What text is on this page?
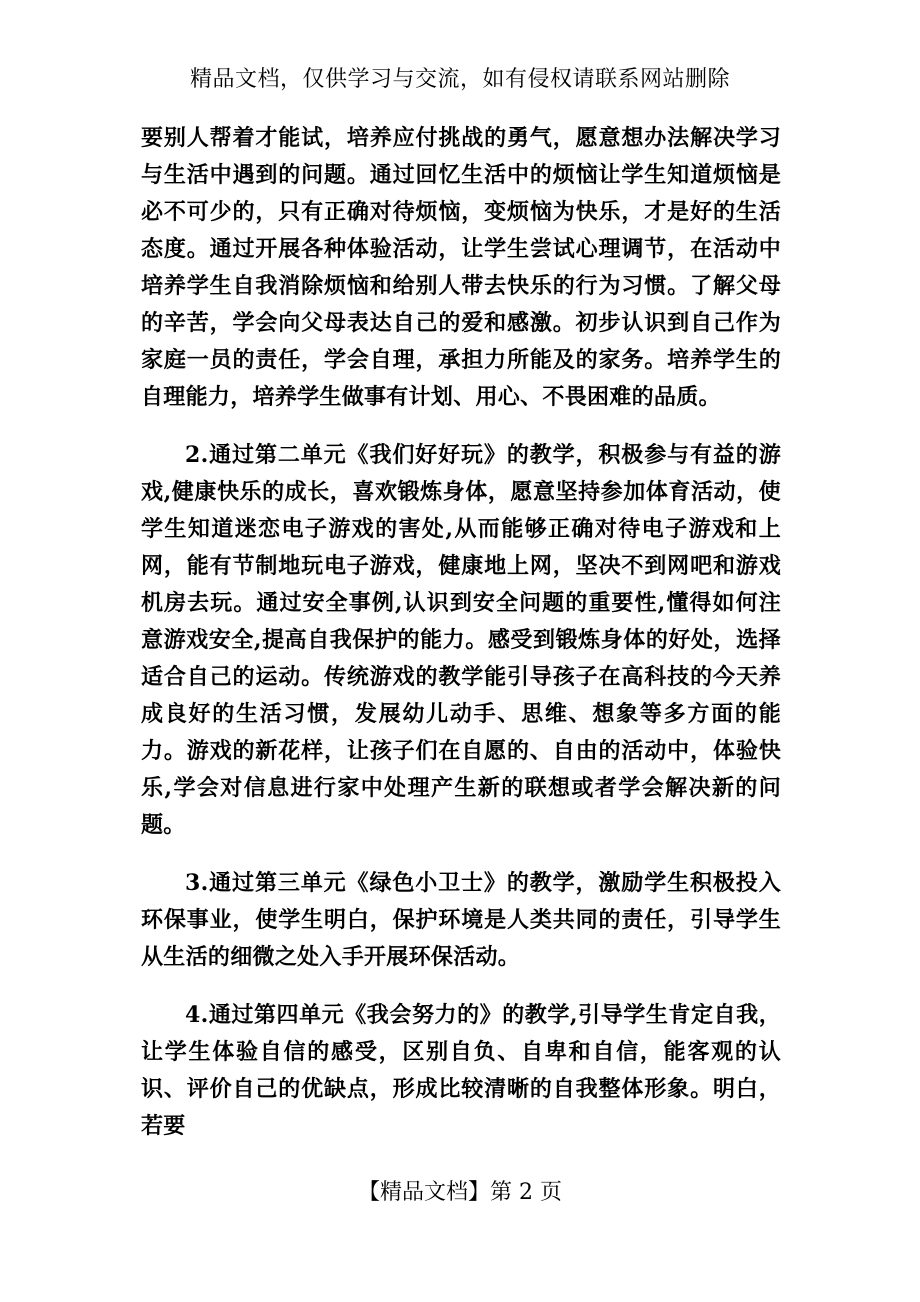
精品文档，仅供学习与交流，如有侵权请联系网站删除

要别人帮着才能试，培养应付挑战的勇气，愿意想办法解决学习与生活中遇到的问题。通过回忆生活中的烦恼让学生知道烦恼是必不可少的，只有正确对待烦恼，变烦恼为快乐，才是好的生活态度。通过开展各种体验活动，让学生尝试心理调节，在活动中培养学生自我消除烦恼和给别人带去快乐的行为习惯。了解父母的辛苦，学会向父母表达自己的爱和感激。初步认识到自己作为家庭一员的责任，学会自理，承担力所能及的家务。培养学生的自理能力，培养学生做事有计划、用心、不畏困难的品质。

2.通过第二单元《我们好好玩》的教学，积极参与有益的游戏,健康快乐的成长，喜欢锻炼身体，愿意坚持参加体育活动，使学生知道迷恋电子游戏的害处,从而能够正确对待电子游戏和上网，能有节制地玩电子游戏，健康地上网，坚决不到网吧和游戏机房去玩。通过安全事例,认识到安全问题的重要性,懂得如何注意游戏安全,提高自我保护的能力。感受到锻炼身体的好处，选择适合自己的运动。传统游戏的教学能引导孩子在高科技的今天养成良好的生活习惯，发展幼儿动手、思维、想象等多方面的能力。游戏的新花样，让孩子们在自愿的、自由的活动中，体验快乐,学会对信息进行家中处理产生新的联想或者学会解决新的问题。

3.通过第三单元《绿色小卫士》的教学，激励学生积极投入环保事业，使学生明白，保护环境是人类共同的责任，引导学生从生活的细微之处入手开展环保活动。

4.通过第四单元《我会努力的》的教学,引导学生肯定自我，让学生体验自信的感受，区别自负、自卑和自信，能客观的认识、评价自己的优缺点，形成比较清晰的自我整体形象。明白，若要

【精品文档】第 2 页
